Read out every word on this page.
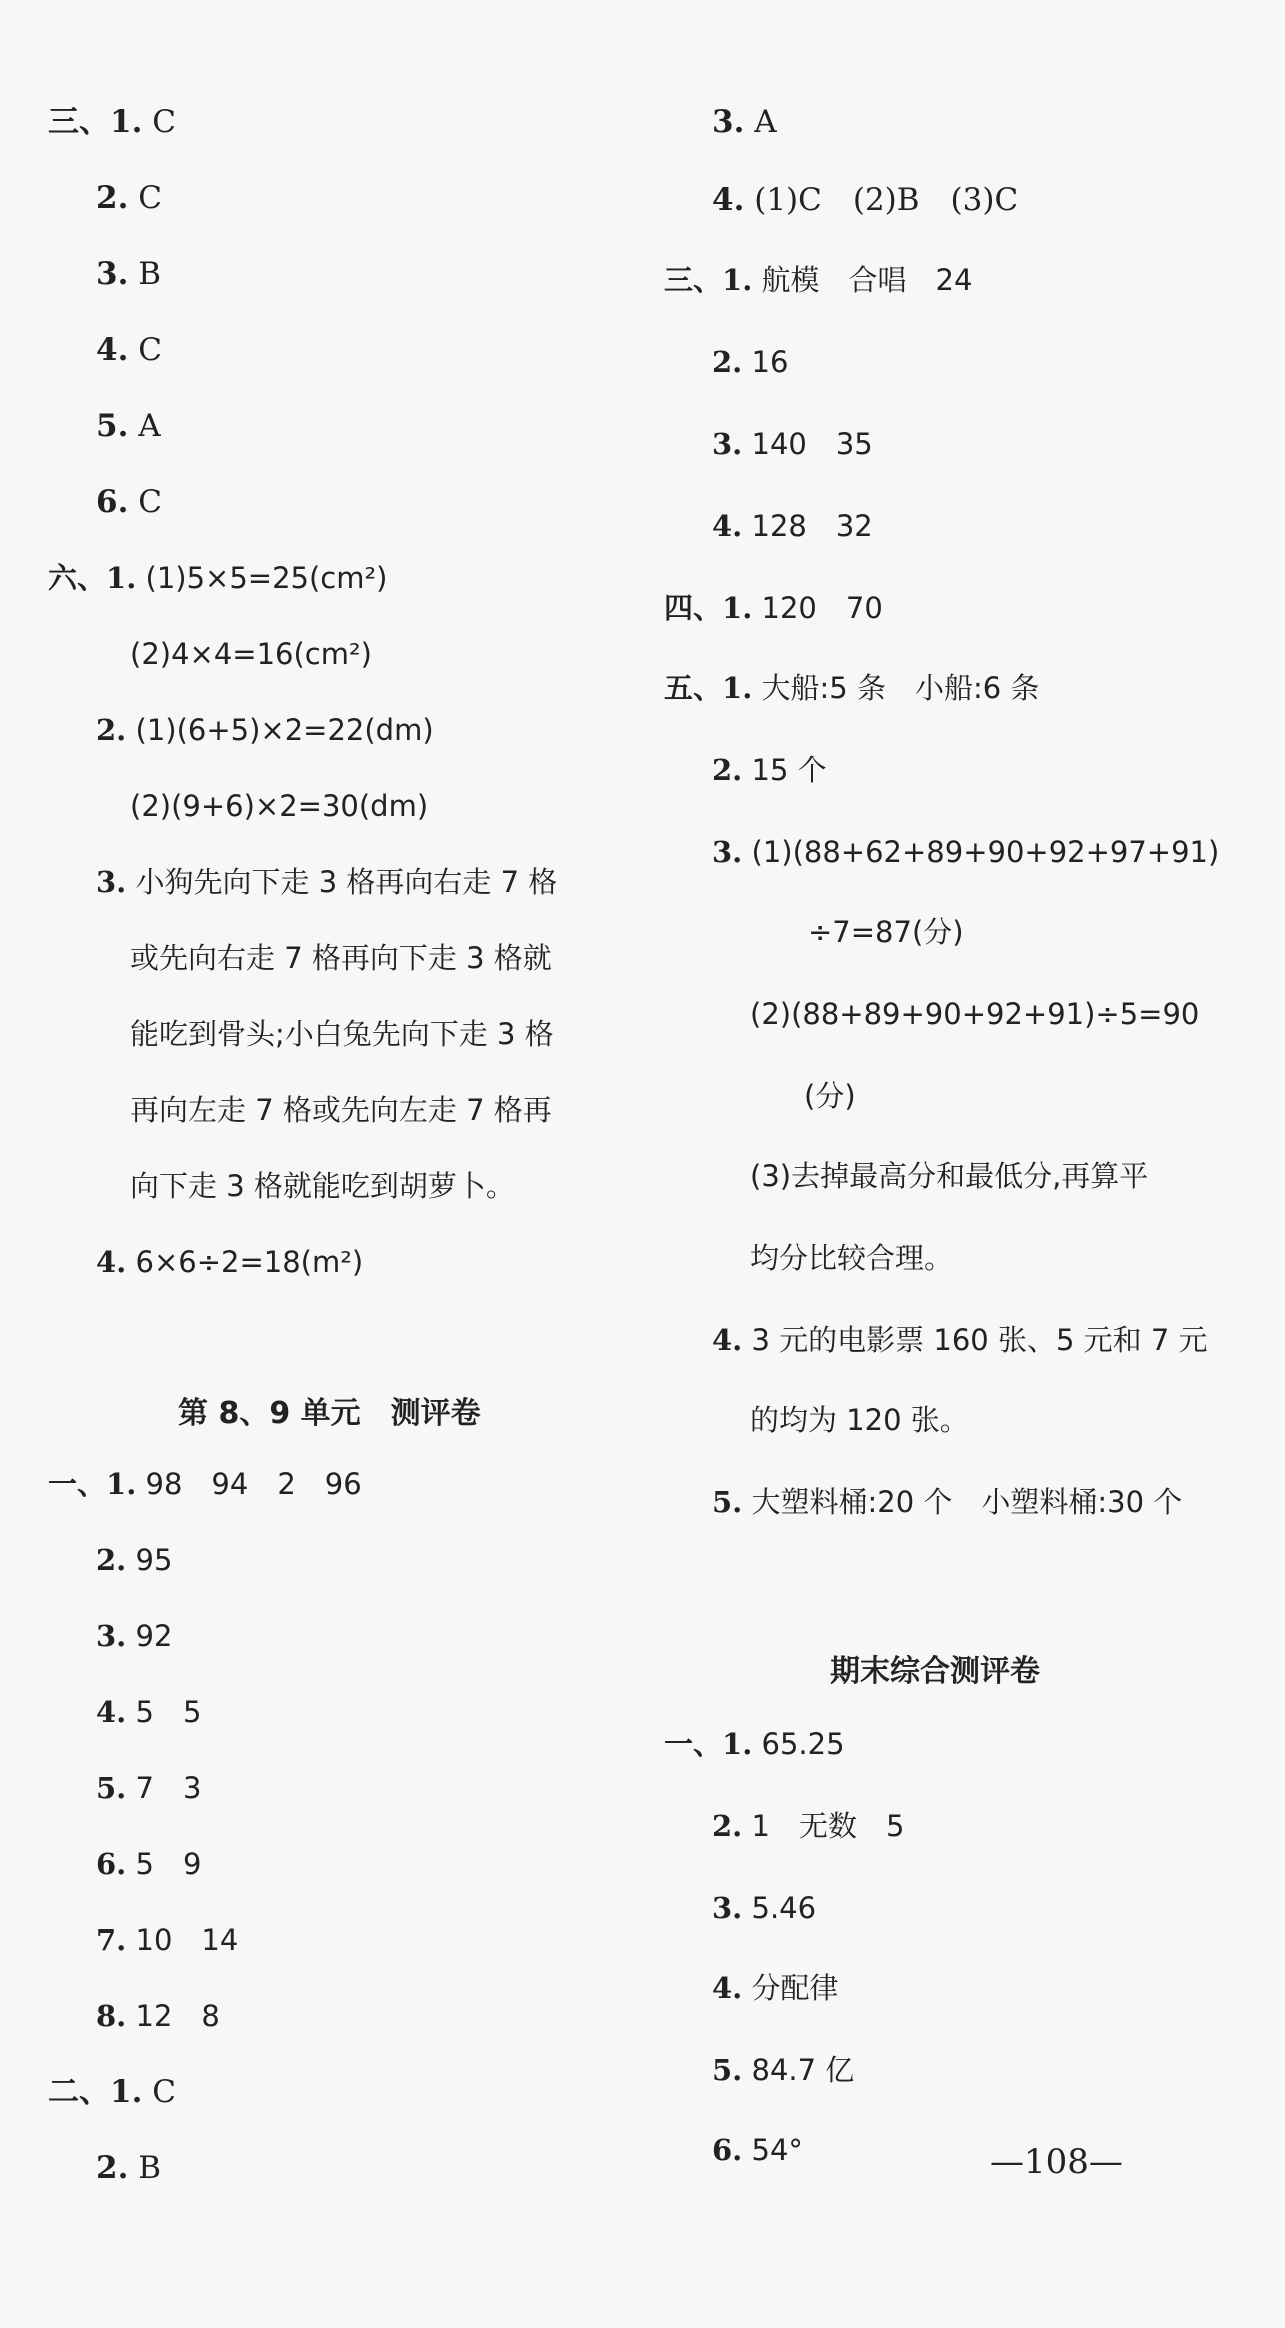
三、1. C
2. C
3. B
4. C
5. A
6. C
六、1. (1)5×5=25(cm²)
(2)4×4=16(cm²)
2. (1)(6+5)×2=22(dm)
(2)(9+6)×2=30(dm)
3. 小狗先向下走 3 格再向右走 7 格
或先向右走 7 格再向下走 3 格就
能吃到骨头;小白兔先向下走 3 格
再向左走 7 格或先向左走 7 格再
向下走 3 格就能吃到胡萝卜。
4. 6×6÷2=18(m²)
第 8、9 单元　测评卷
一、1. 98　94　2　96
2. 95
3. 92
4. 5　5
5. 7　3
6. 5　9
7. 10　14
8. 12　8
二、1. C
2. B
3. A
4. (1)C　(2)B　(3)C
三、1. 航模　合唱　24
2. 16
3. 140　35
4. 128　32
四、1. 120　70
五、1. 大船:5 条　小船:6 条
2. 15 个
3. (1)(88+62+89+90+92+97+91)
÷7=87(分)
(2)(88+89+90+92+91)÷5=90
(分)
(3)去掉最高分和最低分,再算平
均分比较合理。
4. 3 元的电影票 160 张、5 元和 7 元
的均为 120 张。
5. 大塑料桶:20 个　小塑料桶:30 个
期末综合测评卷
一、1. 65.25
2. 1　无数　5
3. 5.46
4. 分配律
5. 84.7 亿
6. 54°	—108—
